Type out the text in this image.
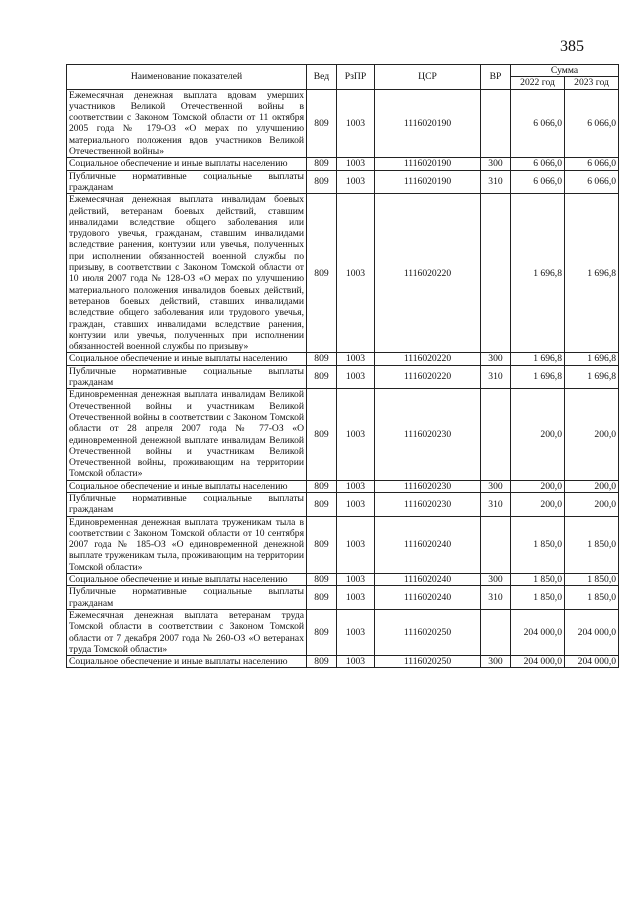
385
Наименование показателей	Вед	РзПР	ЦСР	ВР	Сумма	
					2022 год	2023 год
Ежемесячная денежная выплата вдовам умерших участников Великой Отечественной войны в соответствии с Законом Томской области от 11 октября 2005 года № 179-ОЗ «О мерах по улучшению материального положения вдов участников Великой Отечественной войны»	809	1003	1116020190		6 066,0	6 066,0
Социальное обеспечение и иные выплаты населению	809	1003	1116020190	300	6 066,0	6 066,0
Публичные нормативные социальные выплаты гражданам	809	1003	1116020190	310	6 066,0	6 066,0
Ежемесячная денежная выплата инвалидам боевых действий, ветеранам боевых действий, ставшим инвалидами вследствие общего заболевания или трудового увечья, гражданам, ставшим инвалидами вследствие ранения, контузии или увечья, полученных при исполнении обязанностей военной службы по призыву, в соответствии с Законом Томской области от 10 июля 2007 года № 128-ОЗ «О мерах по улучшению материального положения инвалидов боевых действий, ветеранов боевых действий, ставших инвалидами вследствие общего заболевания или трудового увечья, граждан, ставших инвалидами вследствие ранения, контузии или увечья, полученных при исполнении обязанностей военной службы по призыву»	809	1003	1116020220		1 696,8	1 696,8
Социальное обеспечение и иные выплаты населению	809	1003	1116020220	300	1 696,8	1 696,8
Публичные нормативные социальные выплаты гражданам	809	1003	1116020220	310	1 696,8	1 696,8
Единовременная денежная выплата инвалидам Великой Отечественной войны и участникам Великой Отечественной войны в соответствии с Законом Томской области от 28 апреля 2007 года № 77-ОЗ «О единовременной денежной выплате инвалидам Великой Отечественной войны и участникам Великой Отечественной войны, проживающим на территории Томской области»	809	1003	1116020230		200,0	200,0
Социальное обеспечение и иные выплаты населению	809	1003	1116020230	300	200,0	200,0
Публичные нормативные социальные выплаты гражданам	809	1003	1116020230	310	200,0	200,0
Единовременная денежная выплата труженикам тыла в соответствии с Законом Томской области от 10 сентября 2007 года № 185-ОЗ «О единовременной денежной выплате труженикам тыла, проживающим на территории Томской области»	809	1003	1116020240		1 850,0	1 850,0
Социальное обеспечение и иные выплаты населению	809	1003	1116020240	300	1 850,0	1 850,0
Публичные нормативные социальные выплаты гражданам	809	1003	1116020240	310	1 850,0	1 850,0
Ежемесячная денежная выплата ветеранам труда Томской области в соответствии с Законом Томской области от 7 декабря 2007 года № 260-ОЗ «О ветеранах труда Томской области»	809	1003	1116020250		204 000,0	204 000,0
Социальное обеспечение и иные выплаты населению	809	1003	1116020250	300	204 000,0	204 000,0
